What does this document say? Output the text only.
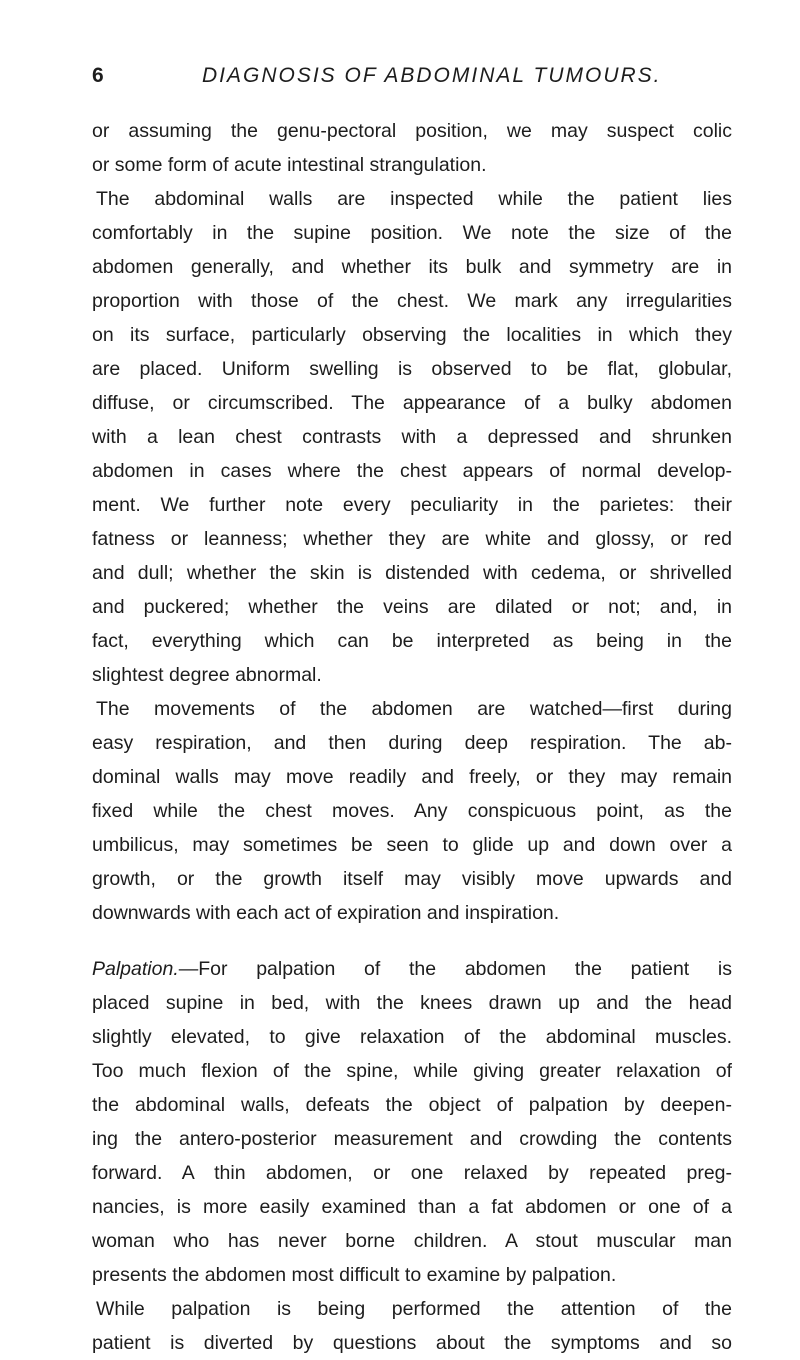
6	DIAGNOSIS OF ABDOMINAL TUMOURS.
or assuming the genu-pectoral position, we may suspect colic
or some form of acute intestinal strangulation.
The abdominal walls are inspected while the patient lies
comfortably in the supine position. We note the size of the
abdomen generally, and whether its bulk and symmetry are in
proportion with those of the chest. We mark any irregularities
on its surface, particularly observing the localities in which they
are placed. Uniform swelling is observed to be flat, globular,
diffuse, or circumscribed. The appearance of a bulky abdomen
with a lean chest contrasts with a depressed and shrunken
abdomen in cases where the chest appears of normal develop-
ment. We further note every peculiarity in the parietes: their
fatness or leanness; whether they are white and glossy, or red
and dull; whether the skin is distended with cedema, or shrivelled
and puckered; whether the veins are dilated or not; and, in
fact, everything which can be interpreted as being in the
slightest degree abnormal.
The movements of the abdomen are watched—first during
easy respiration, and then during deep respiration. The ab-
dominal walls may move readily and freely, or they may remain
fixed while the chest moves. Any conspicuous point, as the
umbilicus, may sometimes be seen to glide up and down over a
growth, or the growth itself may visibly move upwards and
downwards with each act of expiration and inspiration.
Palpation.—For palpation of the abdomen the patient is
placed supine in bed, with the knees drawn up and the head
slightly elevated, to give relaxation of the abdominal muscles.
Too much flexion of the spine, while giving greater relaxation of
the abdominal walls, defeats the object of palpation by deepen-
ing the antero-posterior measurement and crowding the contents
forward. A thin abdomen, or one relaxed by repeated preg-
nancies, is more easily examined than a fat abdomen or one of a
woman who has never borne children. A stout muscular man
presents the abdomen most difficult to examine by palpation.
While palpation is being performed the attention of the
patient is diverted by questions about the symptoms and so
